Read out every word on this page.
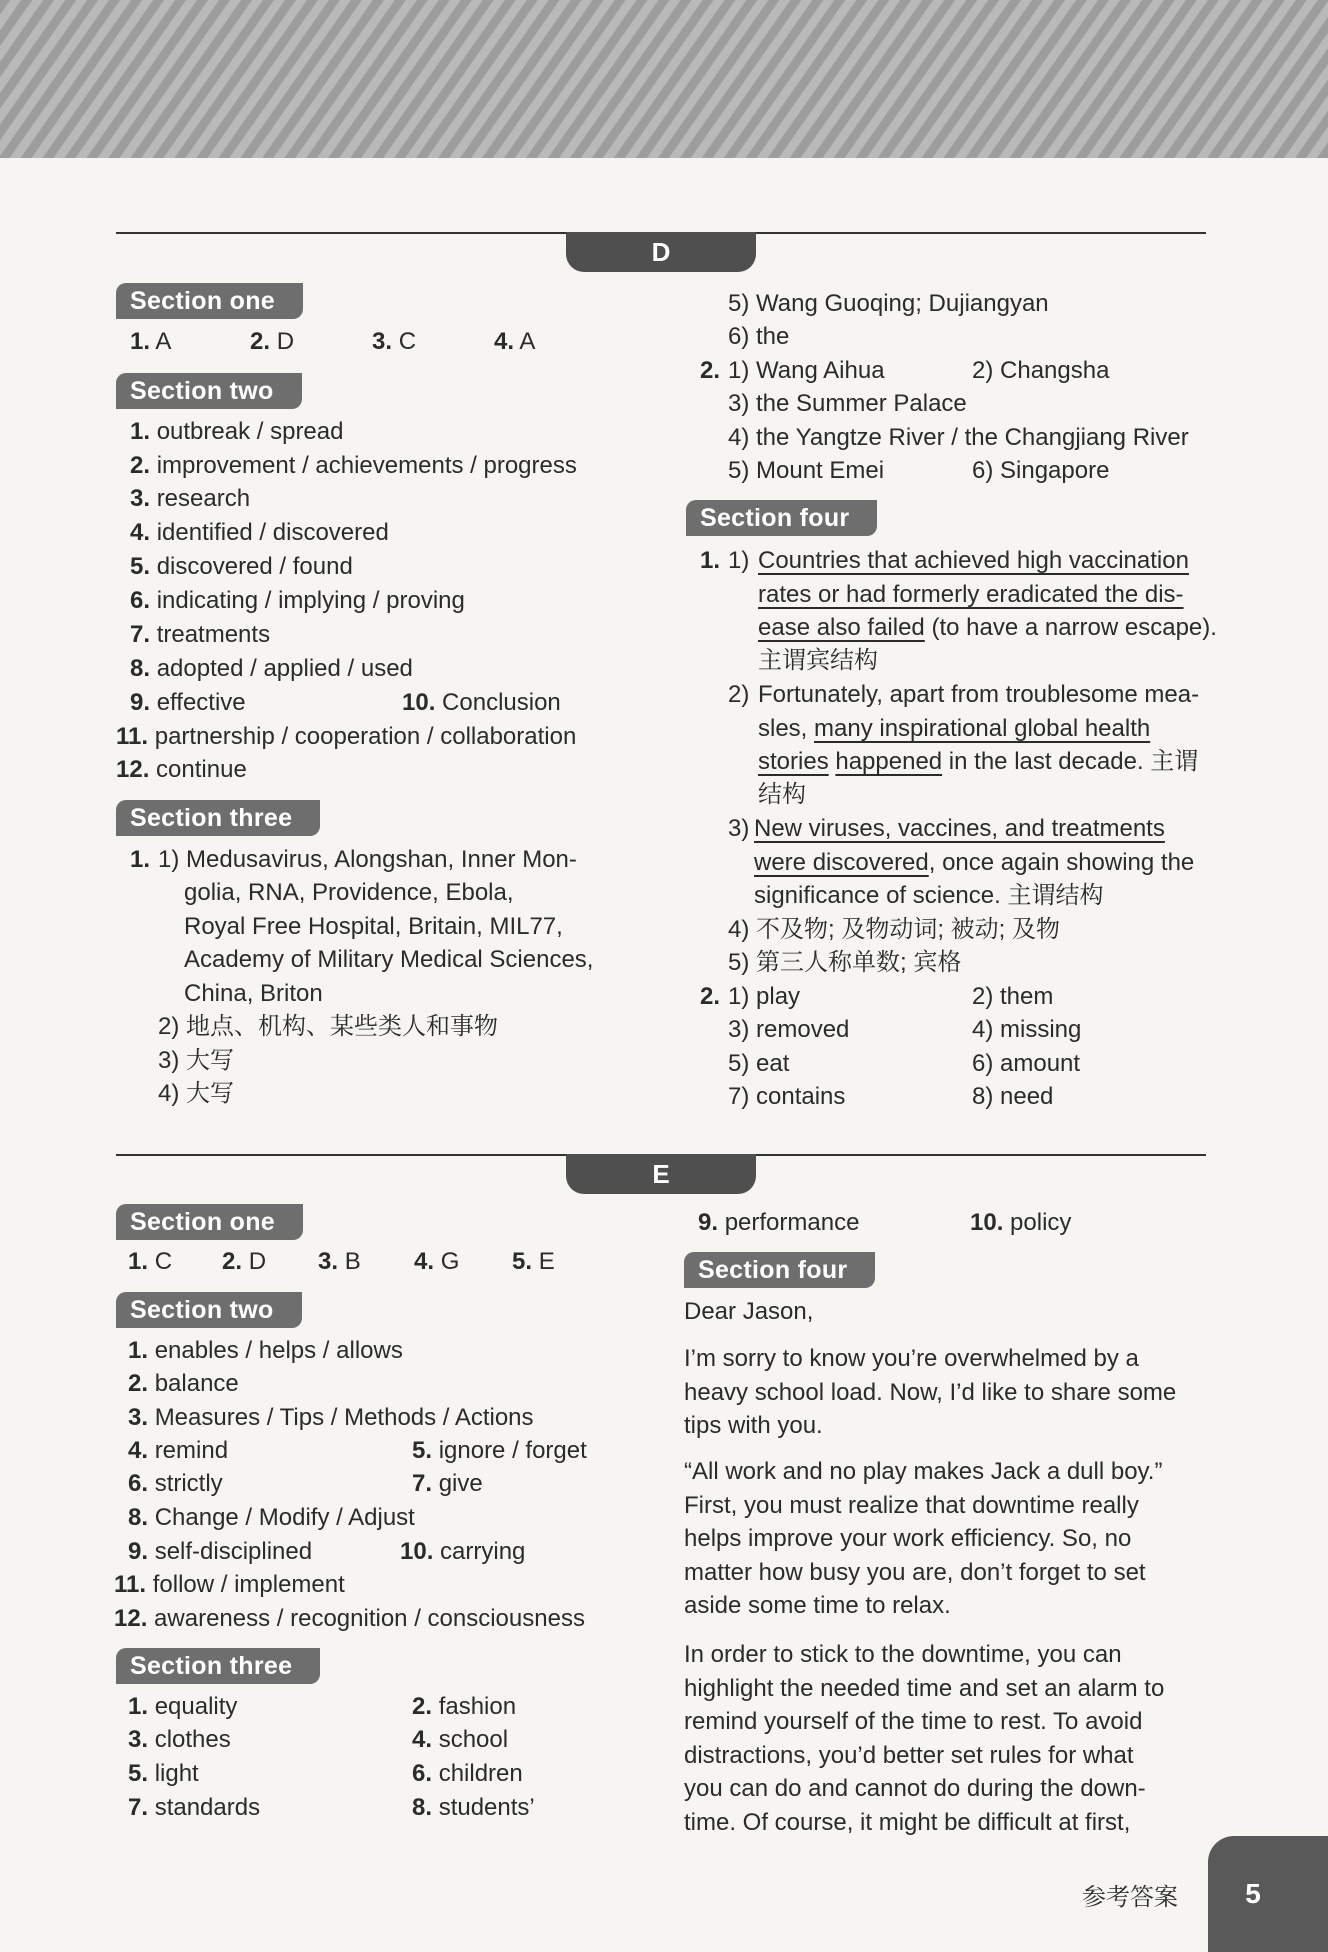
D
Section one
1. A	2. D	3. C	4. A
Section two
1. outbreak / spread
2. improvement / achievements / progress
3. research
4. identified / discovered
5. discovered / found
6. indicating / implying / proving
7. treatments
8. adopted / applied / used
9. effective	10. Conclusion
11. partnership / cooperation / collaboration
12. continue
Section three
1. 1) Medusavirus, Alongshan, Inner Mon-
golia, RNA, Providence, Ebola,
Royal Free Hospital, Britain, MIL77,
Academy of Military Medical Sciences,
China, Briton
2) 地点、机构、某些类人和事物
3) 大写
4) 大写
5) Wang Guoqing; Dujiangyan
6) the
2. 1) Wang Aihua	2) Changsha
3) the Summer Palace
4) the Yangtze River / the Changjiang River
5) Mount Emei	6) Singapore
Section four
1. 1) Countries that achieved high vaccination
rates or had formerly eradicated the dis-
ease also failed (to have a narrow escape).
主谓宾结构
2) Fortunately, apart from troublesome mea-
sles, many inspirational global health
stories happened in the last decade. 主谓
结构
3) New viruses, vaccines, and treatments
were discovered, once again showing the
significance of science. 主谓结构
4) 不及物; 及物动词; 被动; 及物
5) 第三人称单数; 宾格
2. 1) play	2) them
3) removed	4) missing
5) eat	6) amount
7) contains	8) need
E
Section one
1. C 2. D 3. B 4. G 5. E
Section two
1. enables / helps / allows
2. balance
3. Measures / Tips / Methods / Actions
4. remind	5. ignore / forget
6. strictly	7. give
8. Change / Modify / Adjust
9. self-disciplined	10. carrying
11. follow / implement
12. awareness / recognition / consciousness
Section three
1. equality	2. fashion
3. clothes	4. school
5. light	6. children
7. standards	8. students’
9. performance	10. policy
Section four
Dear Jason,
I’m sorry to know you’re overwhelmed by a
heavy school load. Now, I’d like to share some
tips with you.
“All work and no play makes Jack a dull boy.”
First, you must realize that downtime really
helps improve your work efficiency. So, no
matter how busy you are, don’t forget to set
aside some time to relax.
In order to stick to the downtime, you can
highlight the needed time and set an alarm to
remind yourself of the time to rest. To avoid
distractions, you’d better set rules for what
you can do and cannot do during the down-
time. Of course, it might be difficult at first,
参考答案	5
